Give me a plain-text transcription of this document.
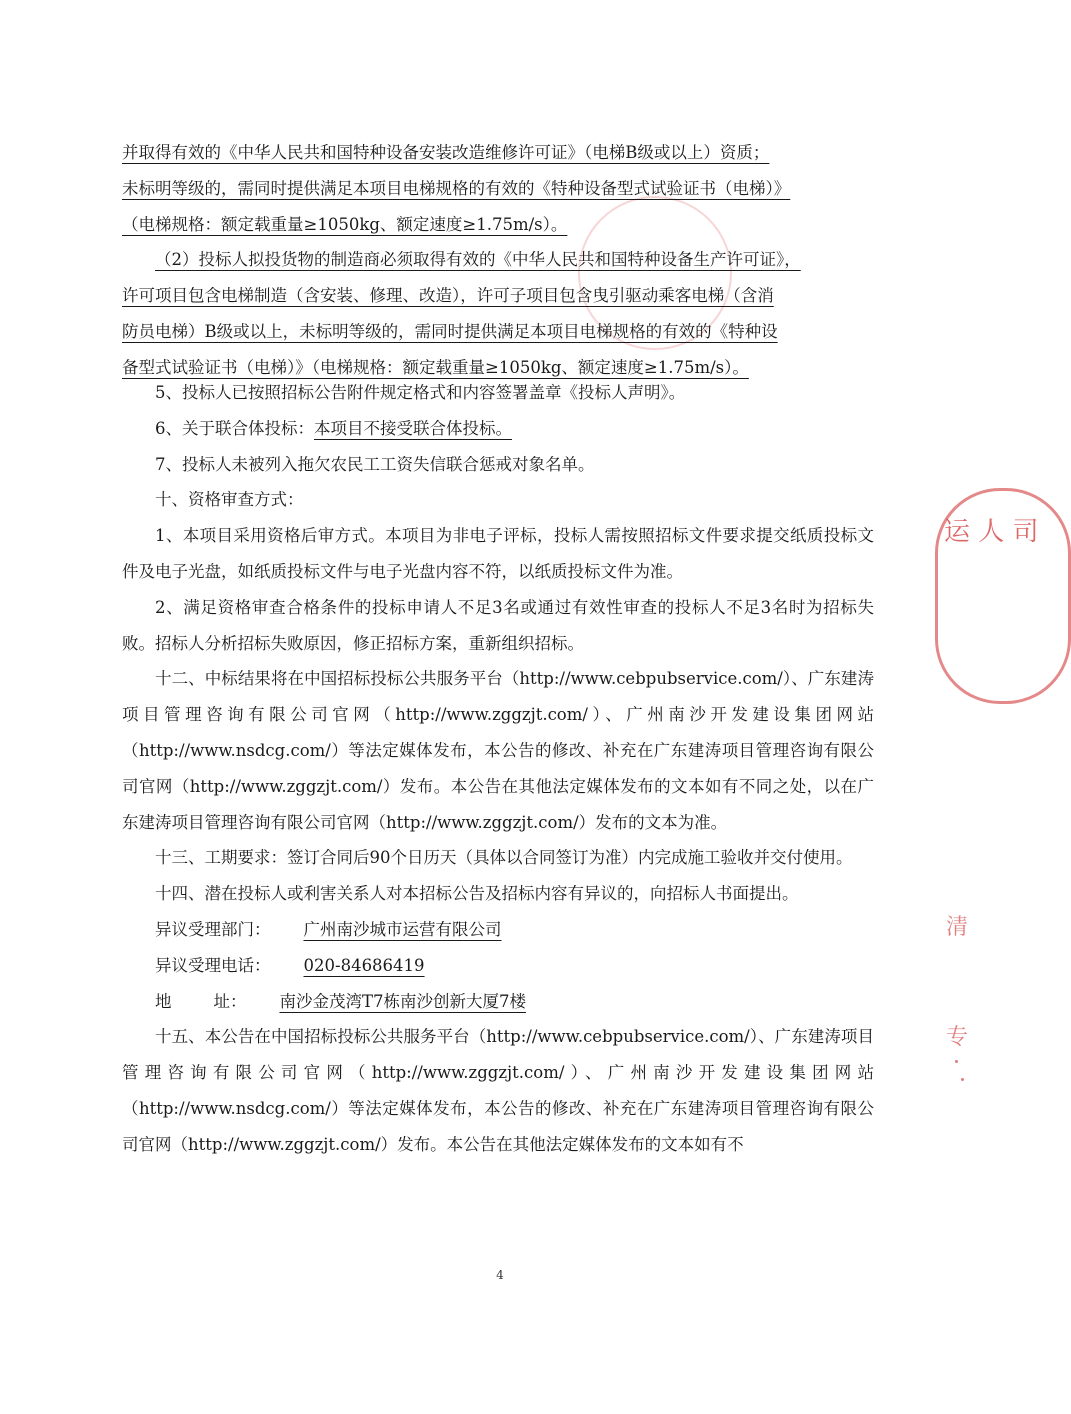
并取得有效的《中华人民共和国特种设备安装改造维修许可证》（电梯B级或以上）资质；
未标明等级的，需同时提供满足本项目电梯规格的有效的《特种设备型式试验证书（电梯）》
（电梯规格：额定载重量≥1050kg、额定速度≥1.75m/s）。
（2）投标人拟投货物的制造商必须取得有效的《中华人民共和国特种设备生产许可证》，
许可项目包含电梯制造（含安装、修理、改造），许可子项目包含曳引驱动乘客电梯（含消
防员电梯）B级或以上，未标明等级的，需同时提供满足本项目电梯规格的有效的《特种设
备型式试验证书（电梯）》（电梯规格：额定载重量≥1050kg、额定速度≥1.75m/s）。

5、投标人已按照招标公告附件规定格式和内容签署盖章《投标人声明》。

6、关于联合体投标：本项目不接受联合体投标。

7、投标人未被列入拖欠农民工工资失信联合惩戒对象名单。

十、资格审查方式：

1、本项目采用资格后审方式。本项目为非电子评标，投标人需按照招标文件要求提交纸质投标文件及电子光盘，如纸质投标文件与电子光盘内容不符，以纸质投标文件为准。

2、满足资格审查合格条件的投标申请人不足3名或通过有效性审查的投标人不足3名时为招标失败。招标人分析招标失败原因，修正招标方案，重新组织招标。

十二、中标结果将在中国招标投标公共服务平台（http://www.cebpubservice.com/）、广东建涛项目管理咨询有限公司官网（http://www.zggzjt.com/）、广州南沙开发建设集团网站（http://www.nsdcg.com/）等法定媒体发布，本公告的修改、补充在广东建涛项目管理咨询有限公司官网（http://www.zggzjt.com/）发布。本公告在其他法定媒体发布的文本如有不同之处，以在广东建涛项目管理咨询有限公司官网（http://www.zggzjt.com/）发布的文本为准。

十三、工期要求：签订合同后90个日历天（具体以合同签订为准）内完成施工验收并交付使用。

十四、潜在投标人或利害关系人对本招标公告及招标内容有异议的，向招标人书面提出。

异议受理部门：	广州南沙城市运营有限公司

异议受理电话：	020-84686419

地        址：	南沙金茂湾T7栋南沙创新大厦7楼

十五、本公告在中国招标投标公共服务平台（http://www.cebpubservice.com/）、广东建涛项目管理咨询有限公司官网（http://www.zggzjt.com/）、广州南沙开发建设集团网站（http://www.nsdcg.com/）等法定媒体发布，本公告的修改、补充在广东建涛项目管理咨询有限公司官网（http://www.zggzjt.com/）发布。本公告在其他法定媒体发布的文本如有不

4
运 人 司
清
专
